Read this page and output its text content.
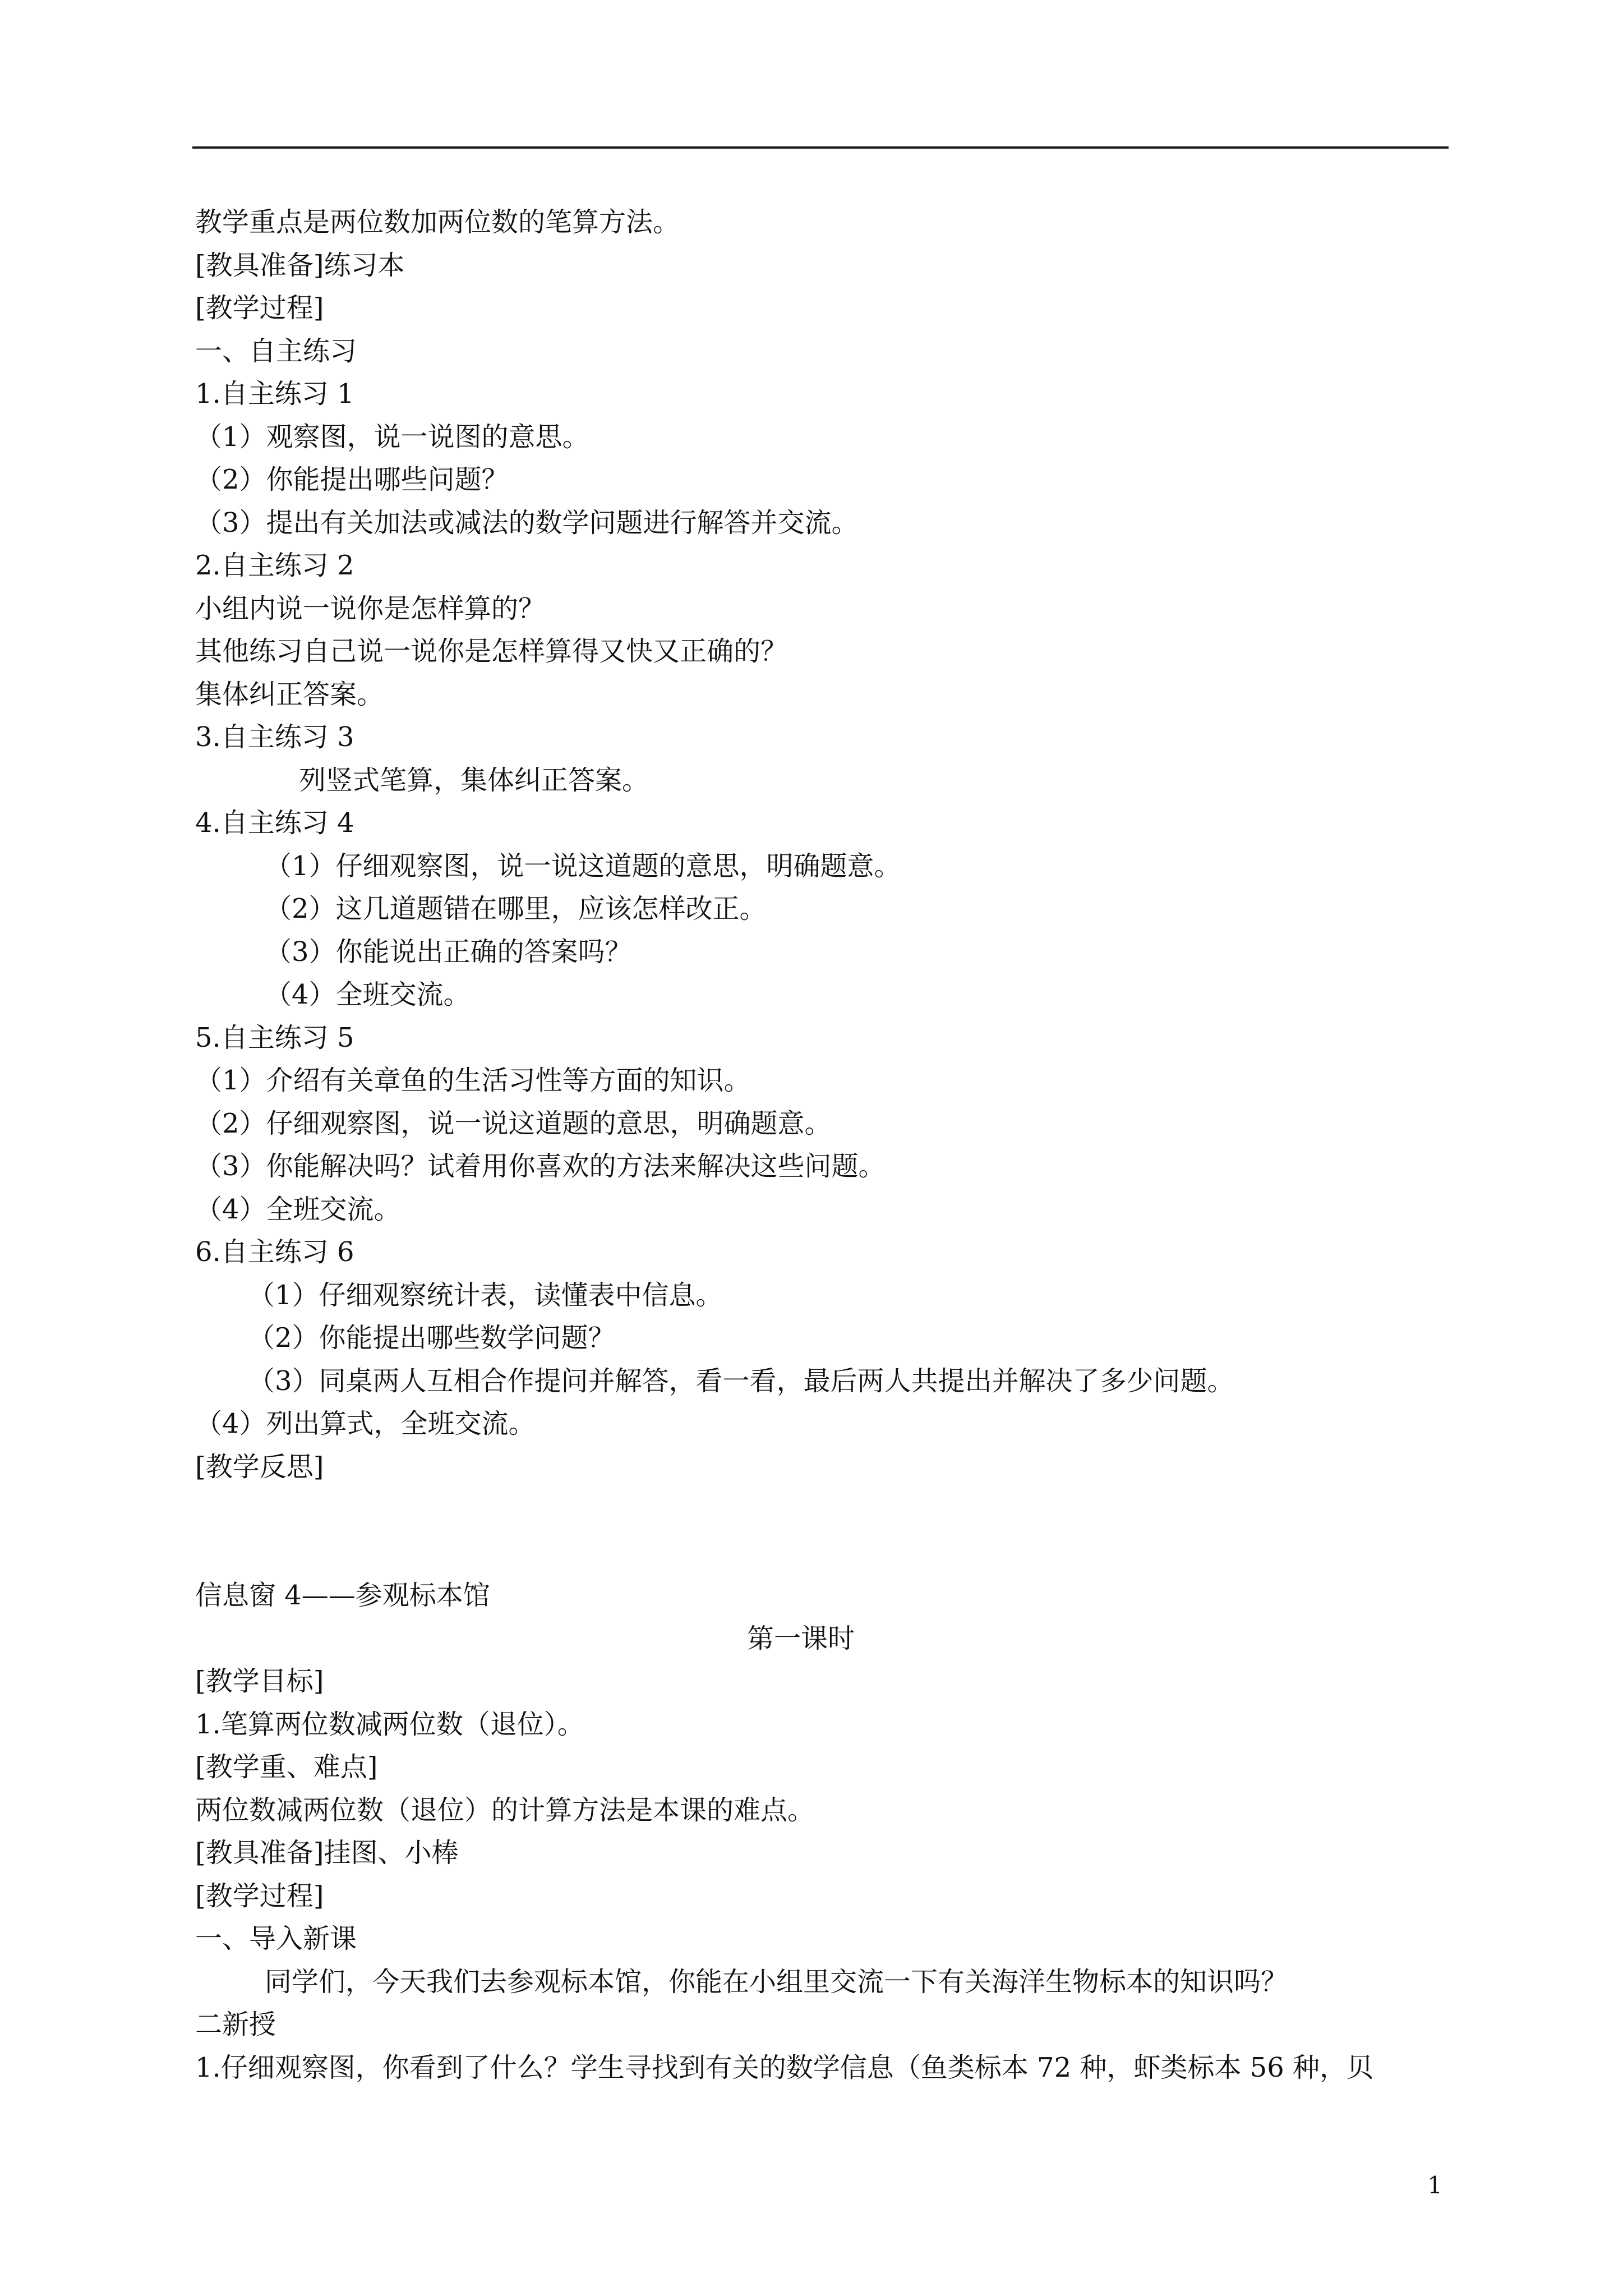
教学重点是两位数加两位数的笔算方法。
[教具准备]练习本
[教学过程]
一、自主练习
1.自主练习 1
（1）观察图，说一说图的意思。
（2）你能提出哪些问题？
（3）提出有关加法或减法的数学问题进行解答并交流。
2.自主练习 2
小组内说一说你是怎样算的？
其他练习自己说一说你是怎样算得又快又正确的？
集体纠正答案。
3.自主练习 3
列竖式笔算，集体纠正答案。
4.自主练习 4
（1）仔细观察图，说一说这道题的意思，明确题意。
（2）这几道题错在哪里，应该怎样改正。
（3）你能说出正确的答案吗？
（4）全班交流。
5.自主练习 5
（1）介绍有关章鱼的生活习性等方面的知识。
（2）仔细观察图，说一说这道题的意思，明确题意。
（3）你能解决吗？试着用你喜欢的方法来解决这些问题。
（4）全班交流。
6.自主练习 6
（1）仔细观察统计表，读懂表中信息。
（2）你能提出哪些数学问题？
（3）同桌两人互相合作提问并解答，看一看，最后两人共提出并解决了多少问题。
（4）列出算式，全班交流。
[教学反思]
信息窗 4——参观标本馆
第一课时
[教学目标]
1.笔算两位数减两位数（退位）。
[教学重、难点]
两位数减两位数（退位）的计算方法是本课的难点。
[教具准备]挂图、小棒
[教学过程]
一、导入新课
同学们，今天我们去参观标本馆，你能在小组里交流一下有关海洋生物标本的知识吗？
二新授
1.仔细观察图，你看到了什么？学生寻找到有关的数学信息（鱼类标本 72 种，虾类标本 56 种，贝
1
